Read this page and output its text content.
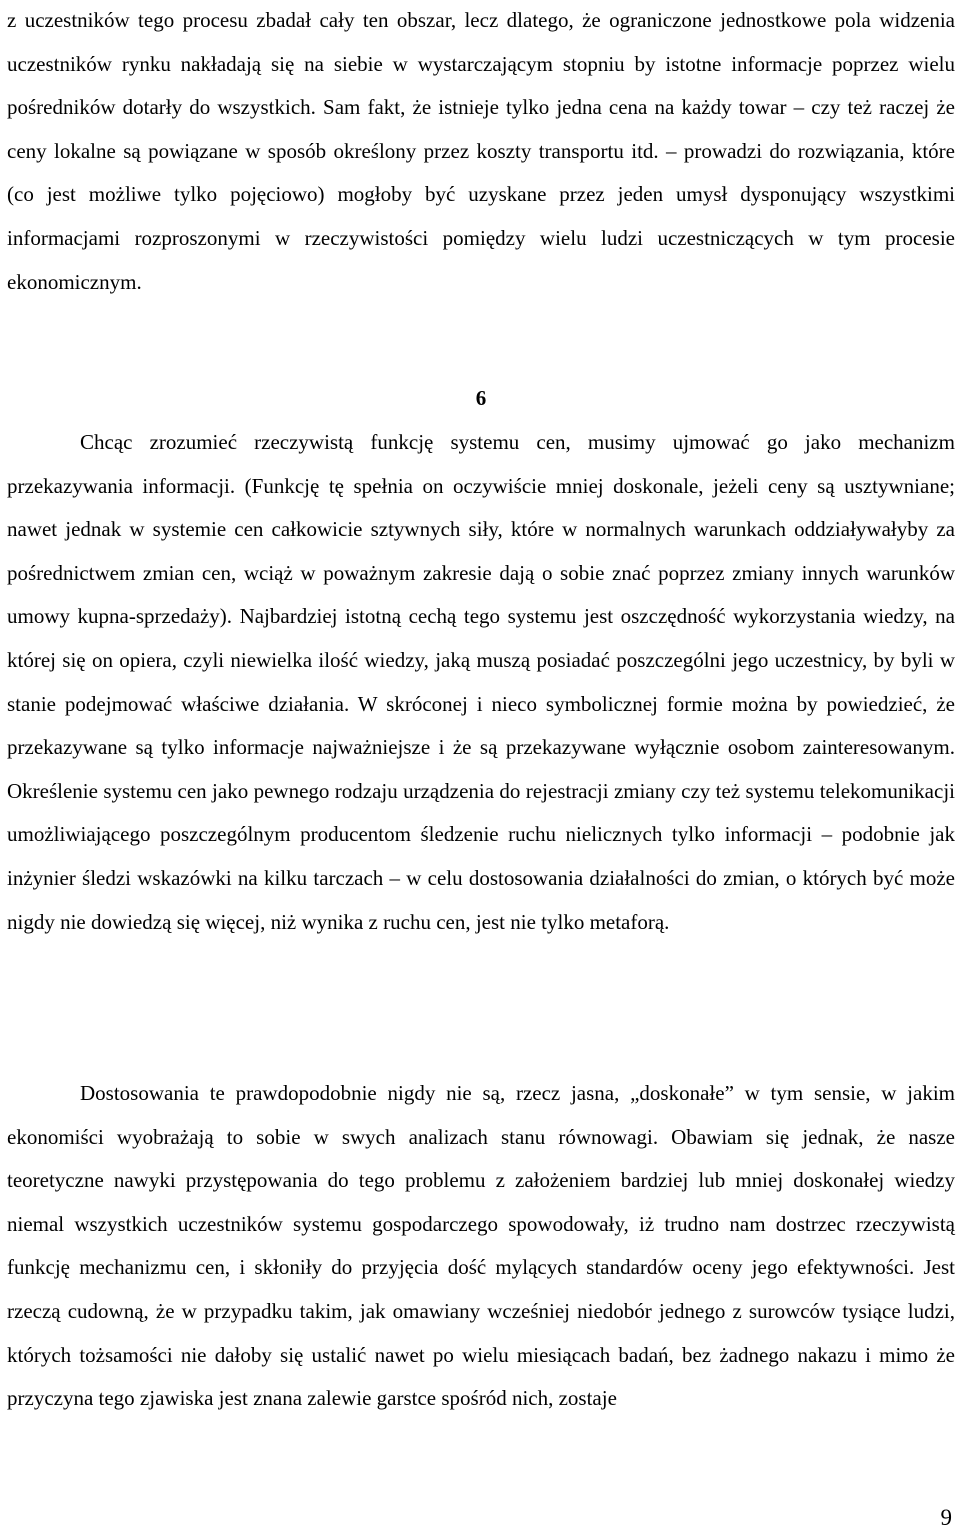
z uczestników tego procesu zbadał cały ten obszar, lecz dlatego, że ograniczone jednostkowe pola widzenia uczestników rynku nakładają się na siebie w wystarczającym stopniu by istotne informacje poprzez wielu pośredników dotarły do wszystkich. Sam fakt, że istnieje tylko jedna cena na każdy towar – czy też raczej że ceny lokalne są powiązane w sposób określony przez koszty transportu itd. – prowadzi do rozwiązania, które (co jest możliwe tylko pojęciowo) mogłoby być uzyskane przez jeden umysł dysponujący wszystkimi informacjami rozproszonymi w rzeczywistości pomiędzy wielu ludzi uczestniczących w tym procesie ekonomicznym.

6

Chcąc zrozumieć rzeczywistą funkcję systemu cen, musimy ujmować go jako mechanizm przekazywania informacji. (Funkcję tę spełnia on oczywiście mniej doskonale, jeżeli ceny są usztywniane; nawet jednak w systemie cen całkowicie sztywnych siły, które w normalnych warunkach oddziaływałyby za pośrednictwem zmian cen, wciąż w poważnym zakresie dają o sobie znać poprzez zmiany innych warunków umowy kupna-sprzedaży). Najbardziej istotną cechą tego systemu jest oszczędność wykorzystania wiedzy, na której się on opiera, czyli niewielka ilość wiedzy, jaką muszą posiadać poszczególni jego uczestnicy, by byli w stanie podejmować właściwe działania. W skróconej i nieco symbolicznej formie można by powiedzieć, że przekazywane są tylko informacje najważniejsze i że są przekazywane wyłącznie osobom zainteresowanym. Określenie systemu cen jako pewnego rodzaju urządzenia do rejestracji zmiany czy też systemu telekomunikacji umożliwiającego poszczególnym producentom śledzenie ruchu nielicznych tylko informacji – podobnie jak inżynier śledzi wskazówki na kilku tarczach – w celu dostosowania działalności do zmian, o których być może nigdy nie dowiedzą się więcej, niż wynika z ruchu cen, jest nie tylko metaforą.

Dostosowania te prawdopodobnie nigdy nie są, rzecz jasna, „doskonałe” w tym sensie, w jakim ekonomiści wyobrażają to sobie w swych analizach stanu równowagi. Obawiam się jednak, że nasze teoretyczne nawyki przystępowania do tego problemu z założeniem bardziej lub mniej doskonałej wiedzy niemal wszystkich uczestników systemu gospodarczego spowodowały, iż trudno nam dostrzec rzeczywistą funkcję mechanizmu cen, i skłoniły do przyjęcia dość mylących standardów oceny jego efektywności. Jest rzeczą cudowną, że w przypadku takim, jak omawiany wcześniej niedobór jednego z surowców tysiące ludzi, których tożsamości nie dałoby się ustalić nawet po wielu miesiącach badań, bez żadnego nakazu i mimo że przyczyna tego zjawiska jest znana zalewie garstce spośród nich, zostaje

9
